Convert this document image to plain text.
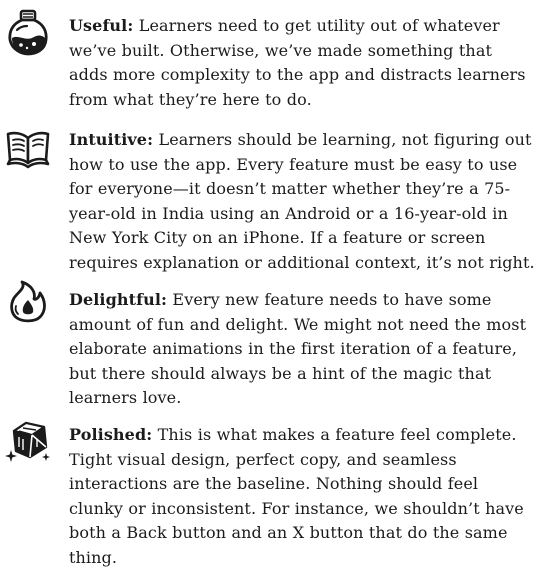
Useful: Learners need to get utility out of whatever we’ve built. Otherwise, we’ve made something that adds more complexity to the app and distracts learners from what they’re here to do.

Intuitive: Learners should be learning, not figuring out how to use the app. Every feature must be easy to use for everyone—it doesn’t matter whether they’re a 75-year-old in India using an Android or a 16-year-old in New York City on an iPhone. If a feature or screen requires explanation or additional context, it’s not right.

Delightful: Every new feature needs to have some amount of fun and delight. We might not need the most elaborate animations in the first iteration of a feature, but there should always be a hint of the magic that learners love.

Polished: This is what makes a feature feel complete. Tight visual design, perfect copy, and seamless interactions are the baseline. Nothing should feel clunky or inconsistent. For instance, we shouldn’t have both a Back button and an X button that do the same thing.
